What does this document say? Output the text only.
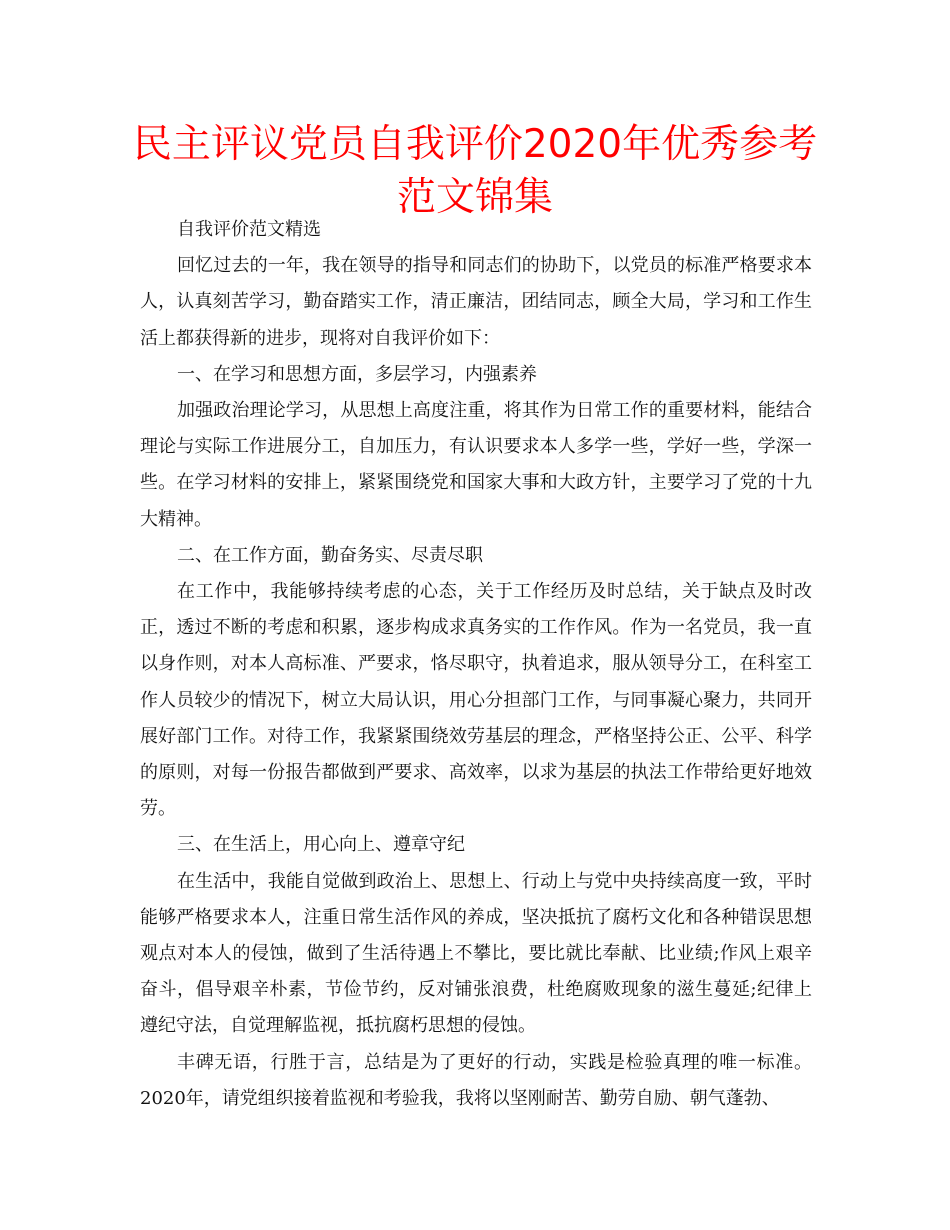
民主评议党员自我评价2020年优秀参考范文锦集

自我评价范文精选

回忆过去的一年，我在领导的指导和同志们的协助下，以党员的标准严格要求本人，认真刻苦学习，勤奋踏实工作，清正廉洁，团结同志，顾全大局，学习和工作生活上都获得新的进步，现将对自我评价如下：

一、在学习和思想方面，多层学习，内强素养

加强政治理论学习，从思想上高度注重，将其作为日常工作的重要材料，能结合理论与实际工作进展分工，自加压力，有认识要求本人多学一些，学好一些，学深一些。在学习材料的安排上，紧紧围绕党和国家大事和大政方针，主要学习了党的十九大精神。

二、在工作方面，勤奋务实、尽责尽职

在工作中，我能够持续考虑的心态，关于工作经历及时总结，关于缺点及时改正，透过不断的考虑和积累，逐步构成求真务实的工作作风。作为一名党员，我一直以身作则，对本人高标准、严要求，恪尽职守，执着追求，服从领导分工，在科室工作人员较少的情况下，树立大局认识，用心分担部门工作，与同事凝心聚力，共同开展好部门工作。对待工作，我紧紧围绕效劳基层的理念，严格坚持公正、公平、科学的原则，对每一份报告都做到严要求、高效率，以求为基层的执法工作带给更好地效劳。

三、在生活上，用心向上、遵章守纪

在生活中，我能自觉做到政治上、思想上、行动上与党中央持续高度一致，平时能够严格要求本人，注重日常生活作风的养成，坚决抵抗了腐朽文化和各种错误思想观点对本人的侵蚀，做到了生活待遇上不攀比，要比就比奉献、比业绩;作风上艰辛奋斗，倡导艰辛朴素，节俭节约，反对铺张浪费，杜绝腐败现象的滋生蔓延;纪律上遵纪守法，自觉理解监视，抵抗腐朽思想的侵蚀。

丰碑无语，行胜于言，总结是为了更好的行动，实践是检验真理的唯一标准。2020年，请党组织接着监视和考验我，我将以坚刚耐苦、勤劳自励、朝气蓬勃、
